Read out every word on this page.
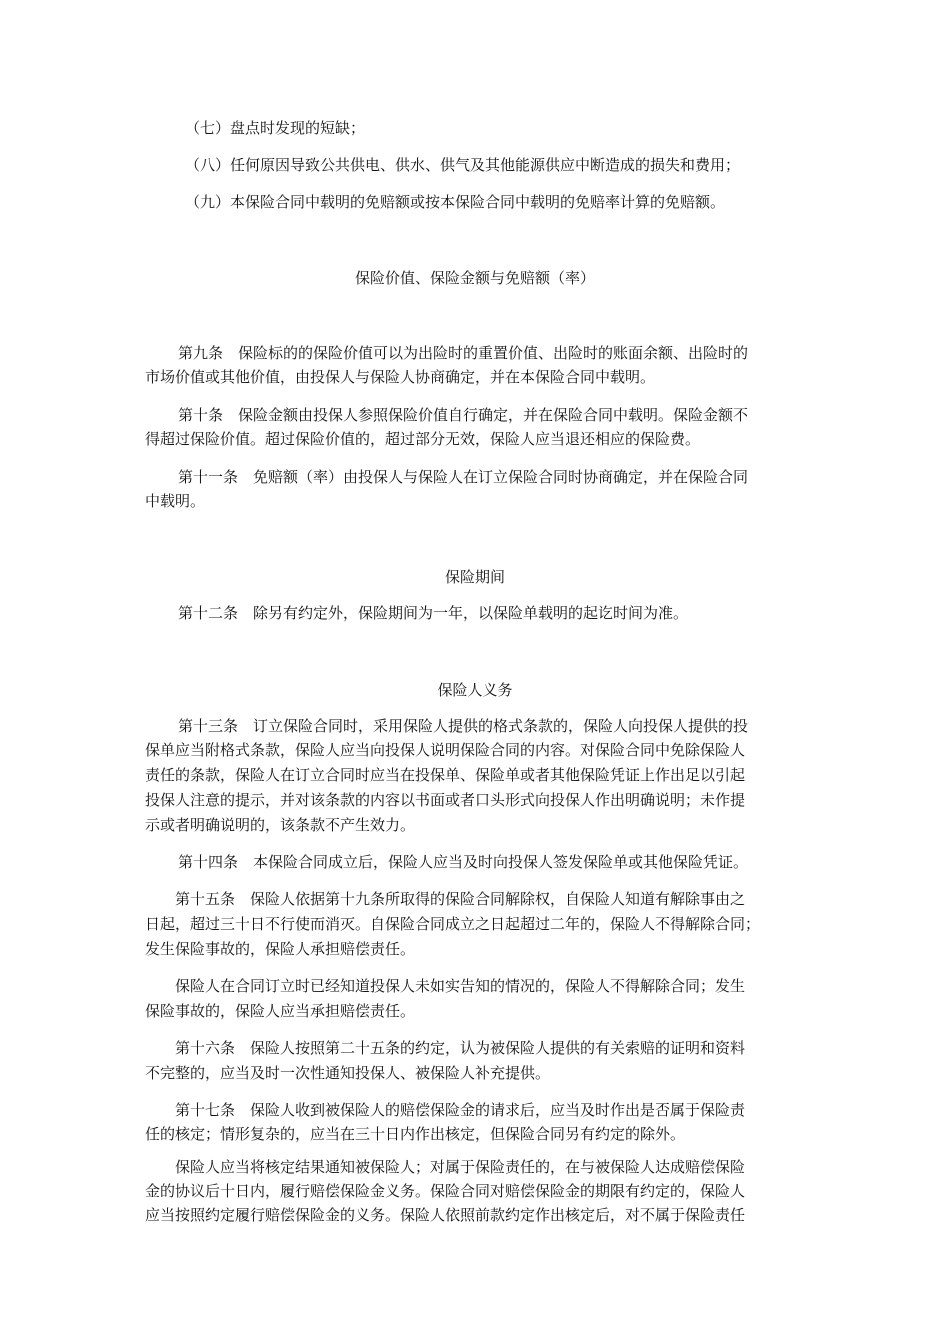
（七）盘点时发现的短缺；
（八）任何原因导致公共供电、供水、供气及其他能源供应中断造成的损失和费用；
（九）本保险合同中载明的免赔额或按本保险合同中载明的免赔率计算的免赔额。
保险价值、保险金额与免赔额（率）
第九条　保险标的的保险价值可以为出险时的重置价值、出险时的账面余额、出险时的
市场价值或其他价值，由投保人与保险人协商确定，并在本保险合同中载明。
第十条　保险金额由投保人参照保险价值自行确定，并在保险合同中载明。保险金额不
得超过保险价值。超过保险价值的，超过部分无效，保险人应当退还相应的保险费。
第十一条　免赔额（率）由投保人与保险人在订立保险合同时协商确定，并在保险合同
中载明。
保险期间
第十二条　除另有约定外，保险期间为一年，以保险单载明的起讫时间为准。
保险人义务
第十三条　订立保险合同时，采用保险人提供的格式条款的，保险人向投保人提供的投
保单应当附格式条款，保险人应当向投保人说明保险合同的内容。对保险合同中免除保险人
责任的条款，保险人在订立合同时应当在投保单、保险单或者其他保险凭证上作出足以引起
投保人注意的提示，并对该条款的内容以书面或者口头形式向投保人作出明确说明；未作提
示或者明确说明的，该条款不产生效力。
第十四条　本保险合同成立后，保险人应当及时向投保人签发保险单或其他保险凭证。
第十五条　保险人依据第十九条所取得的保险合同解除权，自保险人知道有解除事由之
日起，超过三十日不行使而消灭。自保险合同成立之日起超过二年的，保险人不得解除合同；
发生保险事故的，保险人承担赔偿责任。
保险人在合同订立时已经知道投保人未如实告知的情况的，保险人不得解除合同；发生
保险事故的，保险人应当承担赔偿责任。
第十六条　保险人按照第二十五条的约定，认为被保险人提供的有关索赔的证明和资料
不完整的，应当及时一次性通知投保人、被保险人补充提供。
第十七条　保险人收到被保险人的赔偿保险金的请求后，应当及时作出是否属于保险责
任的核定；情形复杂的，应当在三十日内作出核定，但保险合同另有约定的除外。
保险人应当将核定结果通知被保险人；对属于保险责任的，在与被保险人达成赔偿保险
金的协议后十日内，履行赔偿保险金义务。保险合同对赔偿保险金的期限有约定的，保险人
应当按照约定履行赔偿保险金的义务。保险人依照前款约定作出核定后，对不属于保险责任
